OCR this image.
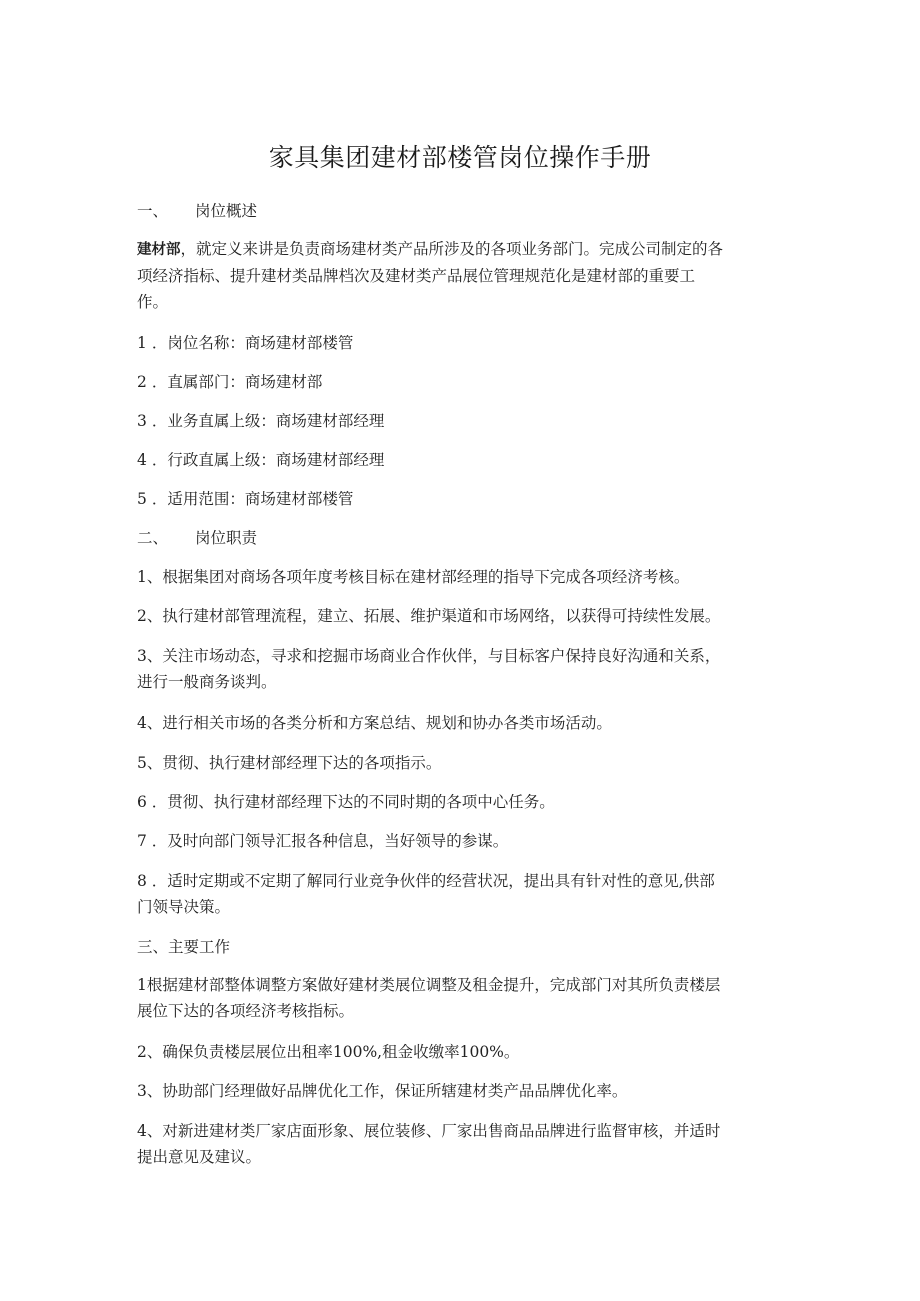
家具集团建材部楼管岗位操作手册
一、 岗位概述
建材部，就定义来讲是负责商场建材类产品所涉及的各项业务部门。完成公司制定的各
项经济指标、提升建材类品牌档次及建材类产品展位管理规范化是建材部的重要工
作。
1 ．岗位名称：商场建材部楼管
2 ．直属部门：商场建材部
3 ．业务直属上级：商场建材部经理
4 ．行政直属上级：商场建材部经理
5 ．适用范围：商场建材部楼管
二、 岗位职责
1、根据集团对商场各项年度考核目标在建材部经理的指导下完成各项经济考核。
2、执行建材部管理流程，建立、拓展、维护渠道和市场网络，以获得可持续性发展。
3、关注市场动态，寻求和挖掘市场商业合作伙伴，与目标客户保持良好沟通和关系，
进行一般商务谈判。
4、进行相关市场的各类分析和方案总结、规划和协办各类市场活动。
5、贯彻、执行建材部经理下达的各项指示。
6 ．贯彻、执行建材部经理下达的不同时期的各项中心任务。
7 ．及时向部门领导汇报各种信息，当好领导的参谋。
8 ．适时定期或不定期了解同行业竞争伙伴的经营状况，提出具有针对性的意见,供部
门领导决策。
三、主要工作
1根据建材部整体调整方案做好建材类展位调整及租金提升，完成部门对其所负责楼层
展位下达的各项经济考核指标。
2、确保负责楼层展位出租率100%,租金收缴率100%。
3、协助部门经理做好品牌优化工作，保证所辖建材类产品品牌优化率。
4、对新进建材类厂家店面形象、展位装修、厂家出售商品品牌进行监督审核，并适时
提出意见及建议。
